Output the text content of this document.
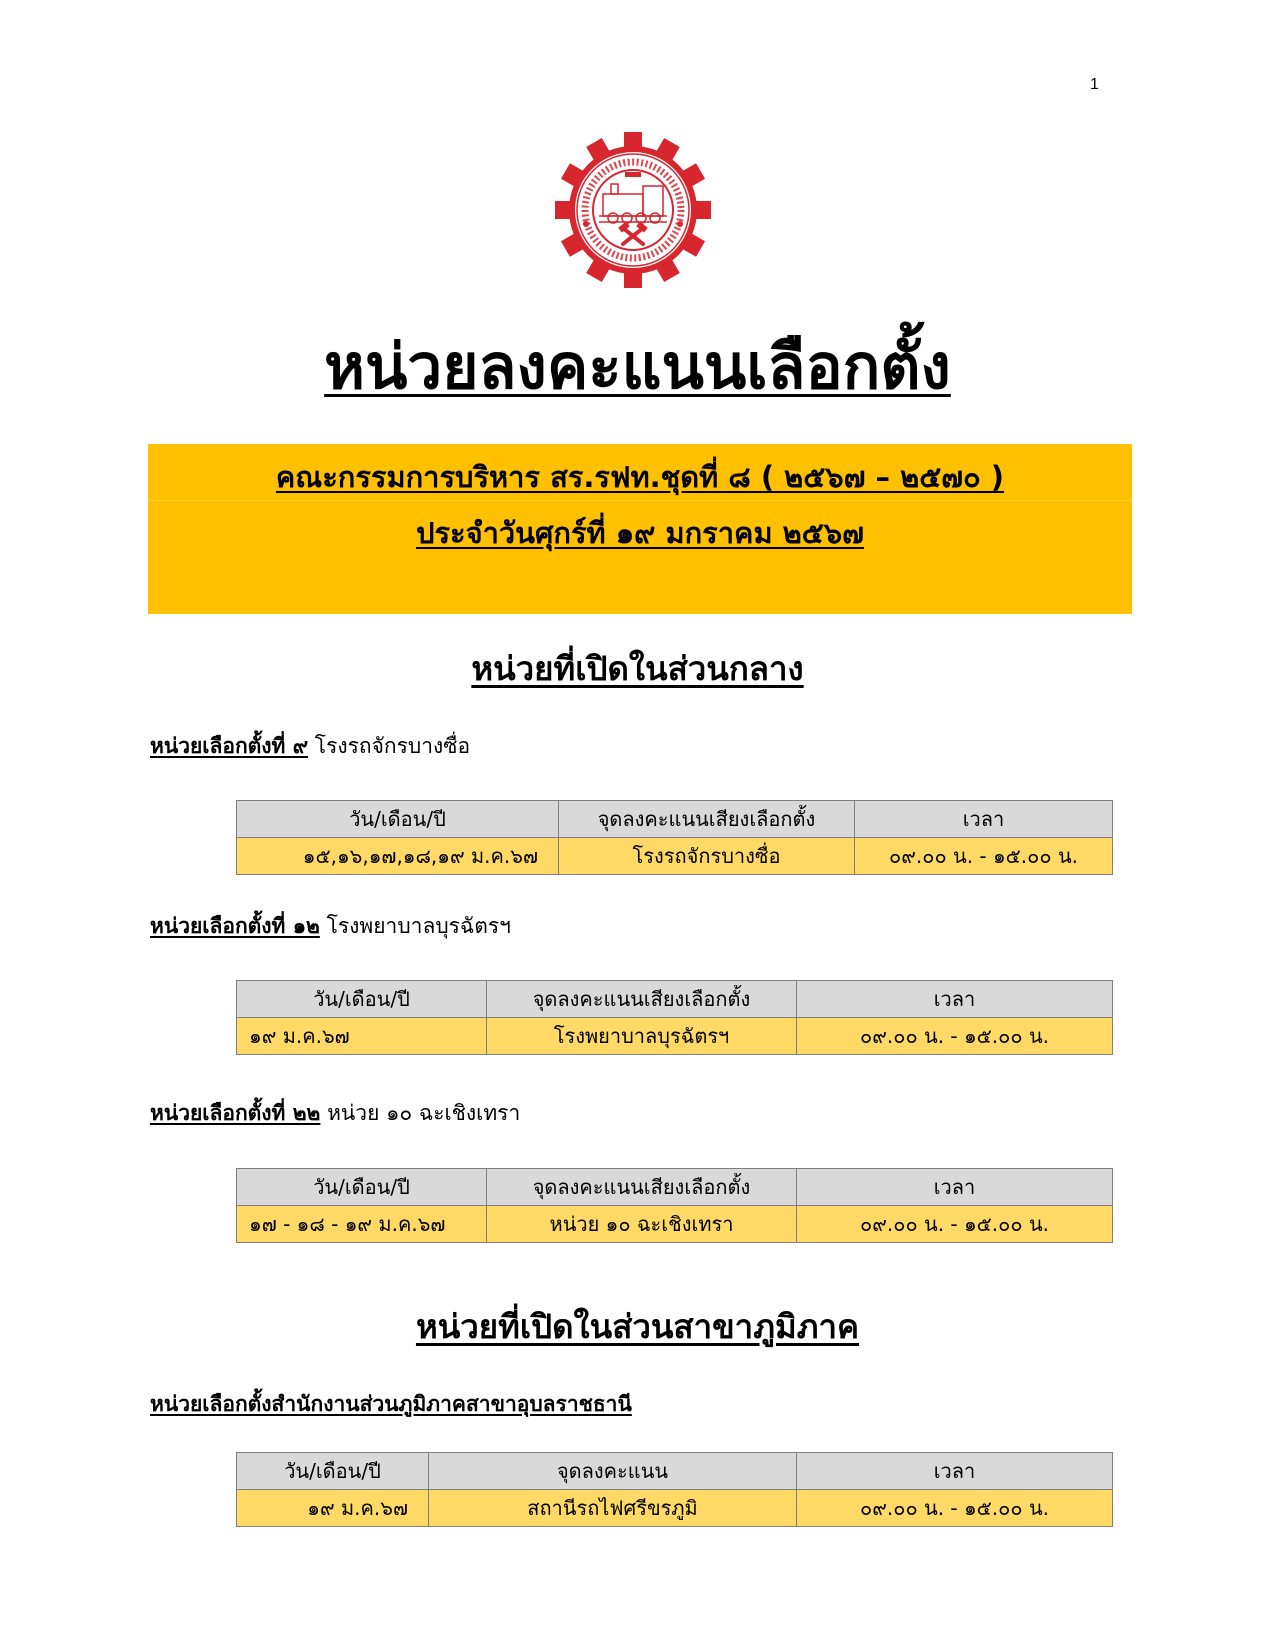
1
หน่วยลงคะแนนเลือกตั้ง
คณะกรรมการบริหาร สร.รฟท.ชุดที่ ๘ ( ๒๕๖๗ – ๒๕๗๐ )
ประจำวันศุกร์ที่ ๑๙ มกราคม ๒๕๖๗
หน่วยที่เปิดในส่วนกลาง
หน่วยเลือกตั้งที่ ๙ โรงรถจักรบางซื่อ
วัน/เดือน/ปี	จุดลงคะแนนเสียงเลือกตั้ง	เวลา
๑๕,๑๖,๑๗,๑๘,๑๙ ม.ค.๖๗	โรงรถจักรบางซื่อ	๐๙.๐๐ น. - ๑๕.๐๐ น.
หน่วยเลือกตั้งที่ ๑๒ โรงพยาบาลบุรฉัตรฯ
วัน/เดือน/ปี	จุดลงคะแนนเสียงเลือกตั้ง	เวลา
๑๙ ม.ค.๖๗	โรงพยาบาลบุรฉัตรฯ	๐๙.๐๐ น. - ๑๕.๐๐ น.
หน่วยเลือกตั้งที่ ๒๒ หน่วย ๑๐ ฉะเชิงเทรา
วัน/เดือน/ปี	จุดลงคะแนนเสียงเลือกตั้ง	เวลา
๑๗ - ๑๘ - ๑๙ ม.ค.๖๗	หน่วย ๑๐ ฉะเชิงเทรา	๐๙.๐๐ น. - ๑๕.๐๐ น.
หน่วยที่เปิดในส่วนสาขาภูมิภาค
หน่วยเลือกตั้งสำนักงานส่วนภูมิภาคสาขาอุบลราชธานี
วัน/เดือน/ปี	จุดลงคะแนน	เวลา
๑๙ ม.ค.๖๗	สถานีรถไฟศรีขรภูมิ	๐๙.๐๐ น. - ๑๕.๐๐ น.
